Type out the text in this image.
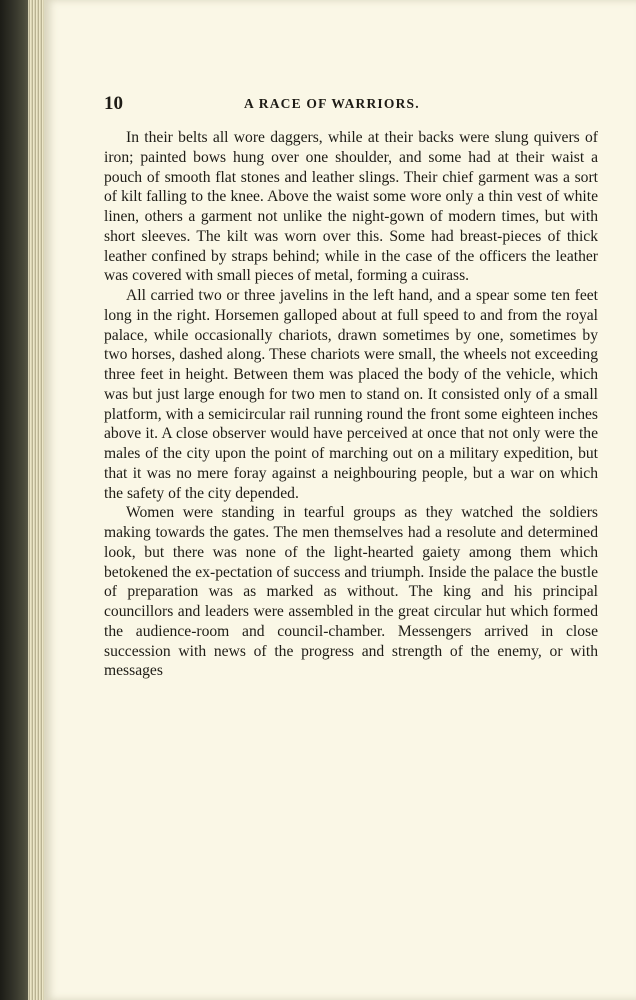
10	A RACE OF WARRIORS.

In their belts all wore daggers, while at their backs were slung quivers of iron; painted bows hung over one shoulder, and some had at their waist a pouch of smooth flat stones and leather slings. Their chief garment was a sort of kilt falling to the knee. Above the waist some wore only a thin vest of white linen, others a garment not unlike the night-gown of modern times, but with short sleeves. The kilt was worn over this. Some had breast-pieces of thick leather confined by straps behind; while in the case of the officers the leather was covered with small pieces of metal, forming a cuirass.

All carried two or three javelins in the left hand, and a spear some ten feet long in the right. Horsemen galloped about at full speed to and from the royal palace, while occasionally chariots, drawn sometimes by one, sometimes by two horses, dashed along. These chariots were small, the wheels not exceeding three feet in height. Between them was placed the body of the vehicle, which was but just large enough for two men to stand on. It consisted only of a small platform, with a semicircular rail running round the front some eighteen inches above it. A close observer would have perceived at once that not only were the males of the city upon the point of marching out on a military expedition, but that it was no mere foray against a neighbouring people, but a war on which the safety of the city depended.

Women were standing in tearful groups as they watched the soldiers making towards the gates. The men themselves had a resolute and determined look, but there was none of the light-hearted gaiety among them which betokened the ex-pectation of success and triumph. Inside the palace the bustle of preparation was as marked as without. The king and his principal councillors and leaders were assembled in the great circular hut which formed the audience-room and council-chamber. Messengers arrived in close succession with news of the progress and strength of the enemy, or with messages
